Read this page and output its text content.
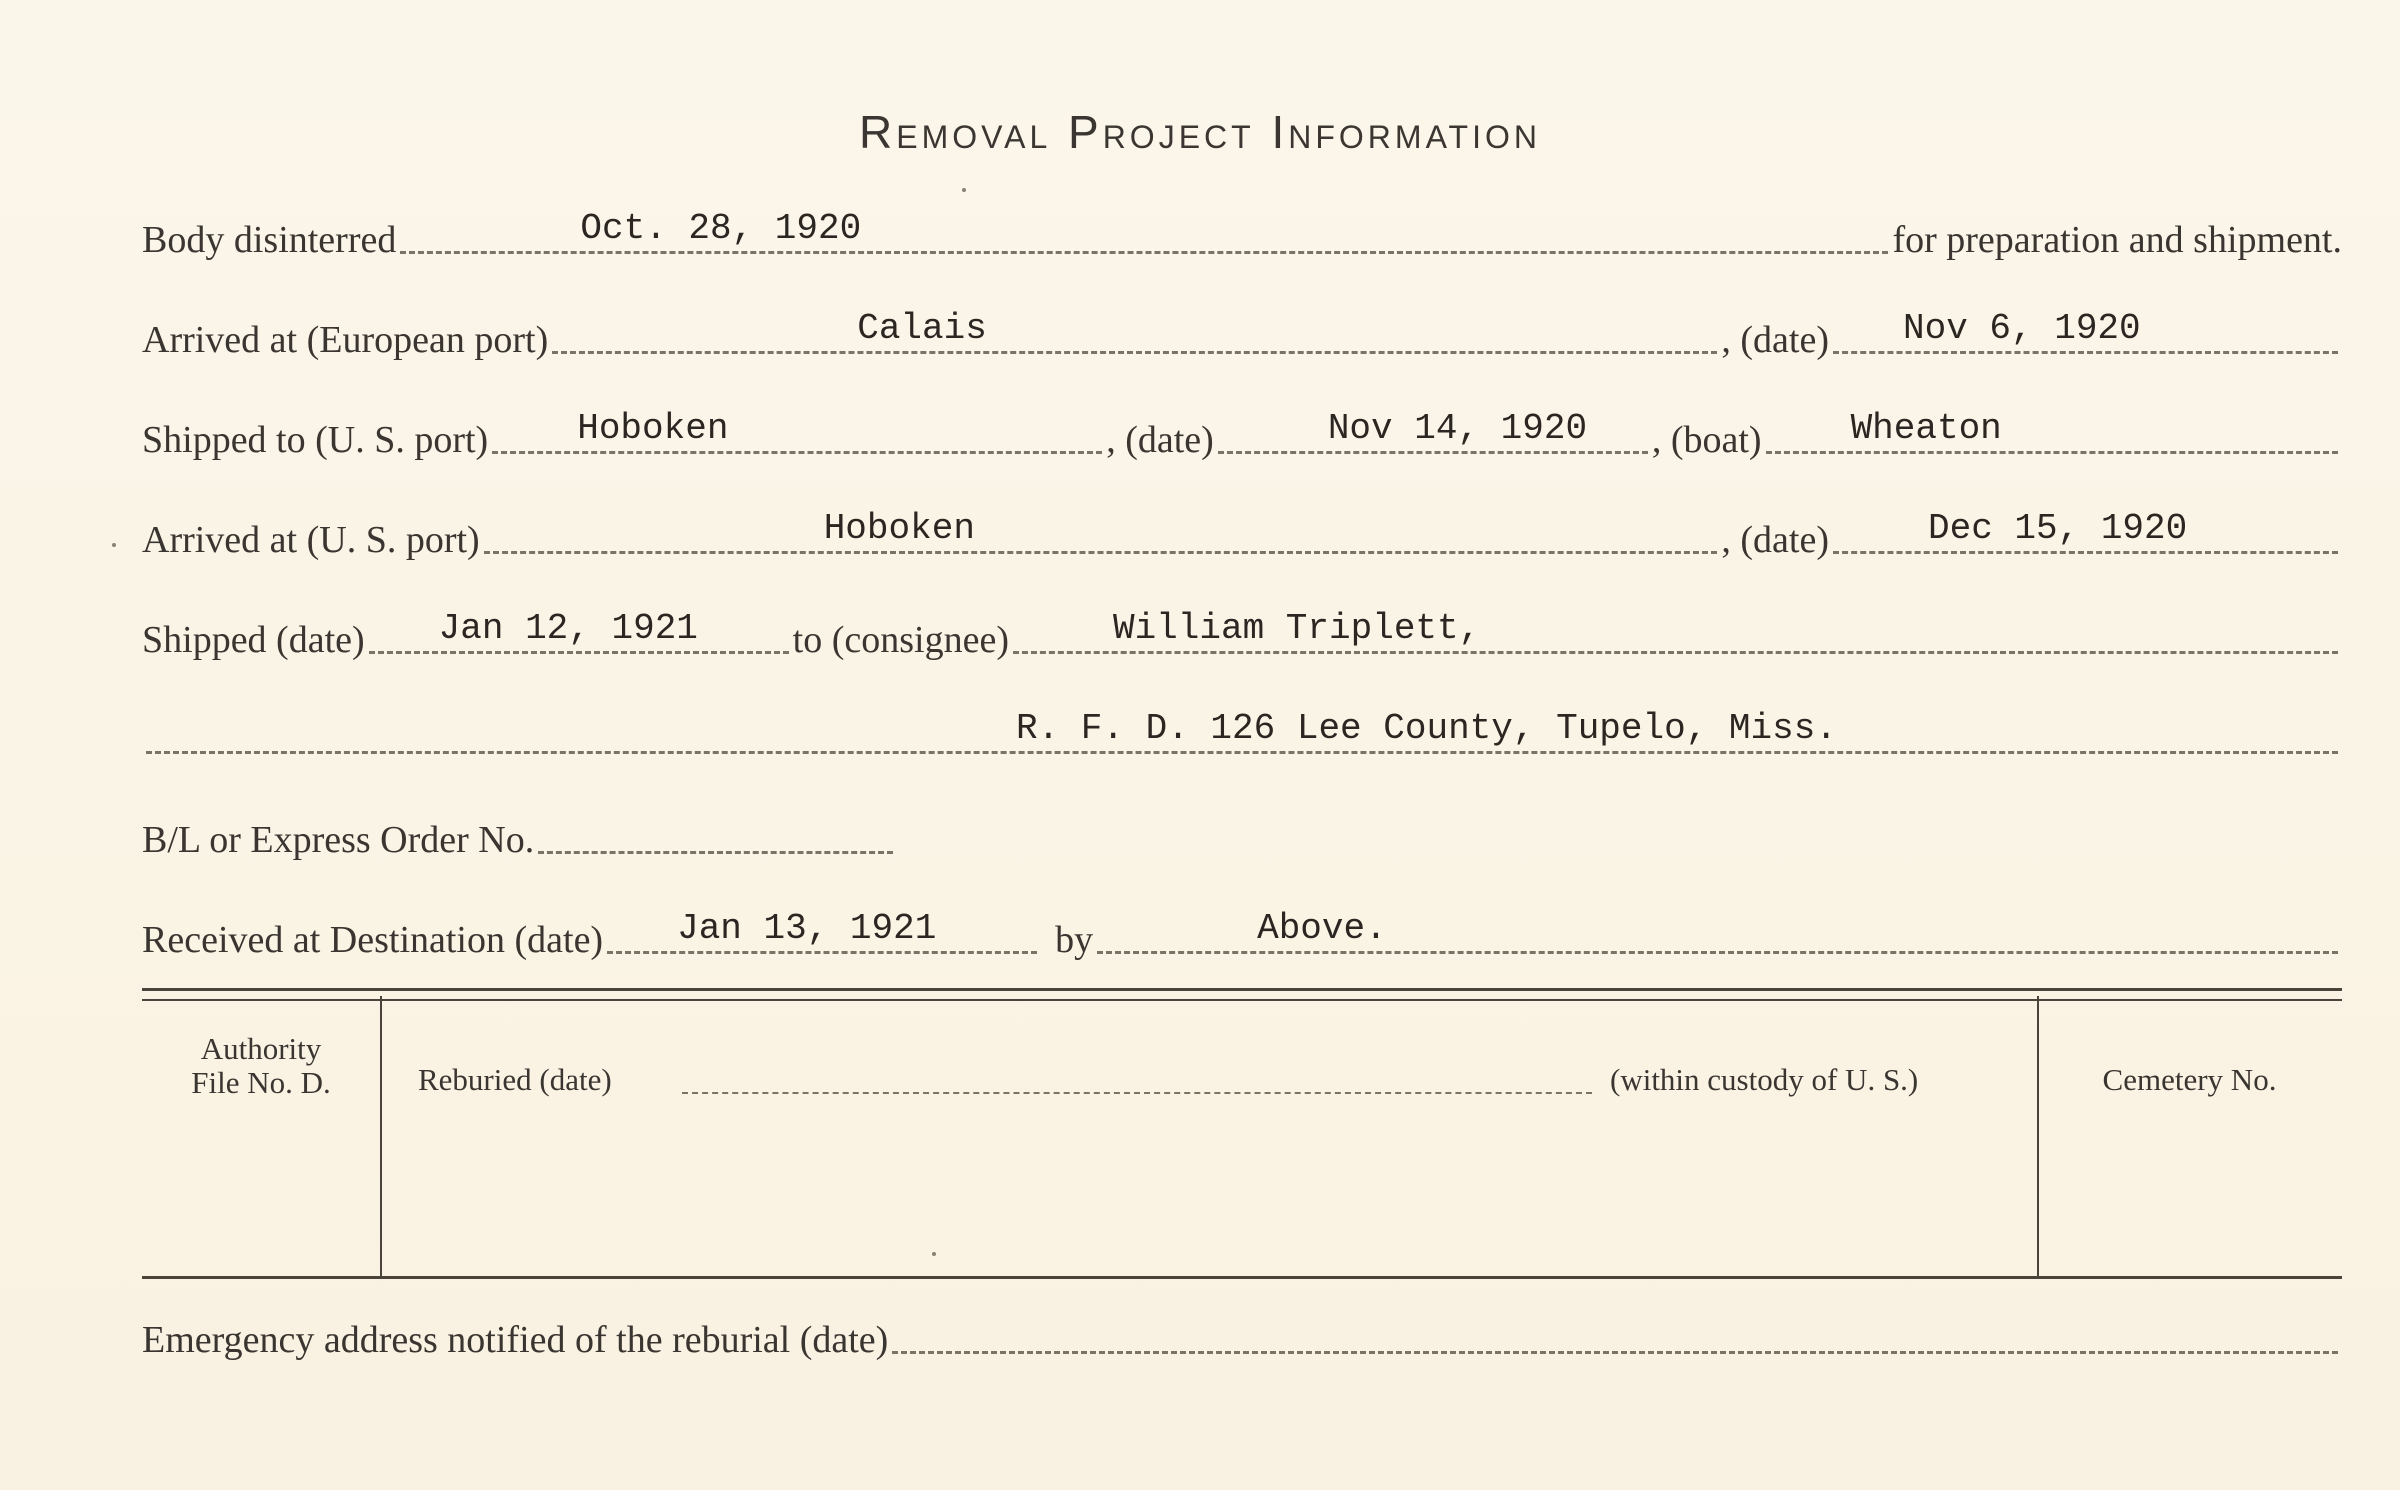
Removal Project Information
Body disinterred	Oct. 28, 1920	for preparation and shipment.
Arrived at (European port)	Calais	, (date) Nov 6, 1920
Shipped to (U. S. port) Hoboken	, (date)	Nov 14, 1920 , (boat) Wheaton
Arrived at (U. S. port)	Hoboken	, (date)	Dec 15, 1920
Shipped (date) Jan 12, 1921 to (consignee)	William Triplett,
R. F. D. 126 Lee County, Tupelo, Miss.
B/L or Express Order No.
Received at Destination (date) Jan 13, 1921	by	Above.
Authority
File No. D.	Reburied (date)	(within custody of U. S.)	Cemetery No.
Emergency address notified of the reburial (date)
